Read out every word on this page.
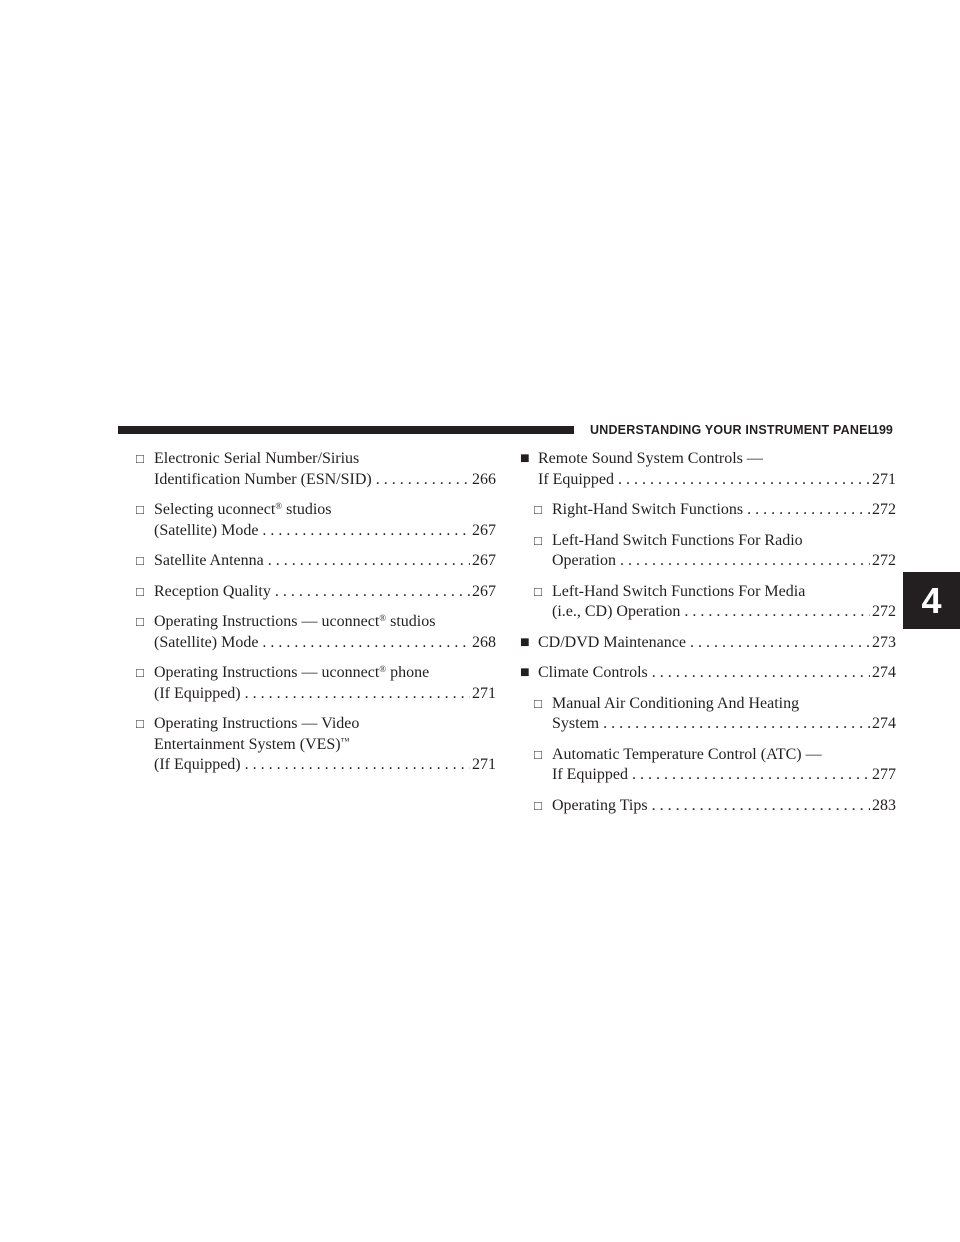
UNDERSTANDING YOUR INSTRUMENT PANEL
199
4
□ Electronic Serial Number/Sirius
Identification Number (ESN/SID) . . .	266
□ Selecting uconnect® studios
(Satellite) Mode . . .	267
□ Satellite Antenna . . .	267
□ Reception Quality . . .	267
□ Operating Instructions — uconnect® studios
(Satellite) Mode . . .	268
□ Operating Instructions — uconnect® phone
(If Equipped) . . .	271
□ Operating Instructions — Video
Entertainment System (VES)™
(If Equipped) . . .	271
■ Remote Sound System Controls —
If Equipped . . .	271
□ Right-Hand Switch Functions . . .	272
□ Left-Hand Switch Functions For Radio
Operation . . .	272
□ Left-Hand Switch Functions For Media
(i.e., CD) Operation . . .	272
■ CD/DVD Maintenance . . .	273
■ Climate Controls . . .	274
□ Manual Air Conditioning And Heating
System . . .	274
□ Automatic Temperature Control (ATC) —
If Equipped . . .	277
□ Operating Tips . . .	283
